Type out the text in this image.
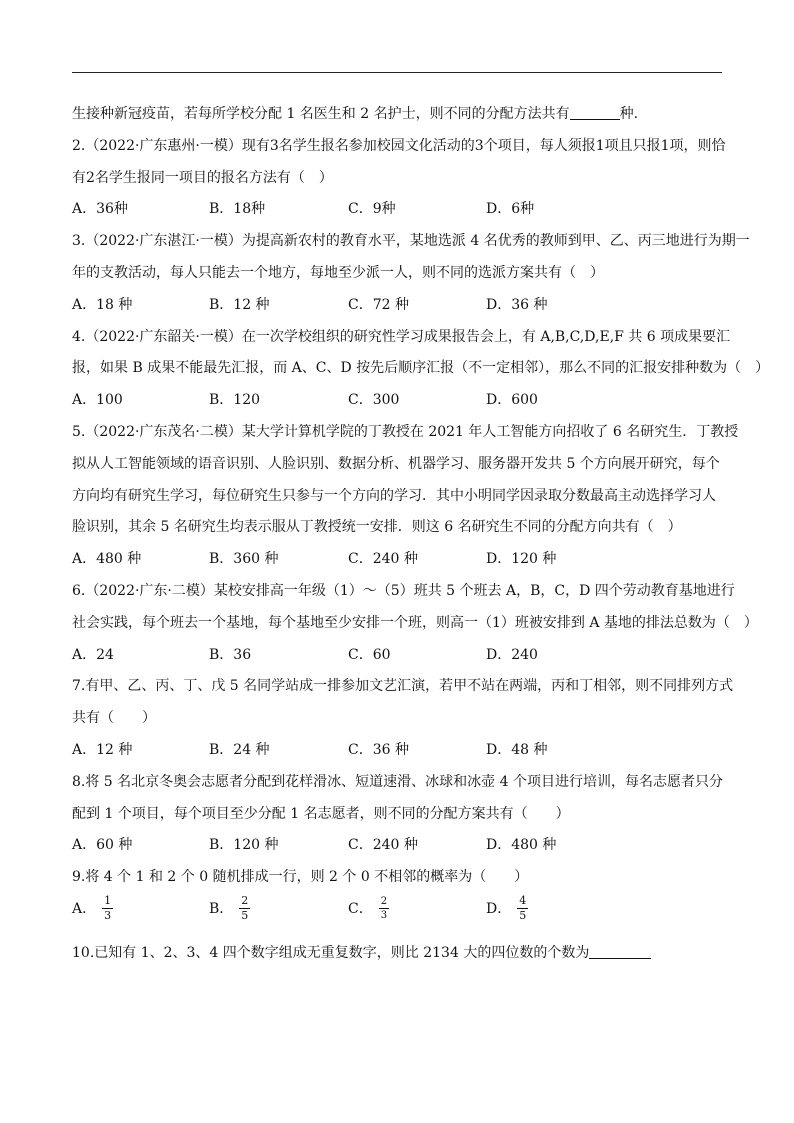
生接种新冠疫苗，若每所学校分配 1 名医生和 2 名护士，则不同的分配方法共有	种.
2.（2022·广东惠州·一模）现有3名学生报名参加校园文化活动的3个项目，每人须报1项且只报1项，则恰
有2名学生报同一项目的报名方法有（　）
A．36种	B．18种	C．9种	D．6种
3.（2022·广东湛江·一模）为提高新农村的教育水平，某地选派 4 名优秀的教师到甲、乙、丙三地进行为期一
年的支教活动，每人只能去一个地方，每地至少派一人，则不同的选派方案共有（　）
A．18 种	B．12 种	C．72 种	D．36 种
4.（2022·广东韶关·一模）在一次学校组织的研究性学习成果报告会上，有 A,B,C,D,E,F 共 6 项成果要汇
报，如果 B 成果不能最先汇报，而 A、C、D 按先后顺序汇报（不一定相邻），那么不同的汇报安排种数为（　）
A．100	B．120	C．300	D．600
5.（2022·广东茂名·二模）某大学计算机学院的丁教授在 2021 年人工智能方向招收了 6 名研究生．丁教授
拟从人工智能领域的语音识别、人脸识别、数据分析、机器学习、服务器开发共 5 个方向展开研究，每个
方向均有研究生学习，每位研究生只参与一个方向的学习．其中小明同学因录取分数最高主动选择学习人
脸识别，其余 5 名研究生均表示服从丁教授统一安排．则这 6 名研究生不同的分配方向共有（　）
A．480 种	B．360 种	C．240 种	D．120 种
6.（2022·广东·二模）某校安排高一年级（1）～（5）班共 5 个班去 A，B，C，D 四个劳动教育基地进行
社会实践，每个班去一个基地，每个基地至少安排一个班，则高一（1）班被安排到 A 基地的排法总数为（　）
A．24	B．36	C．60	D．240
7.有甲、乙、丙、丁、戊 5 名同学站成一排参加文艺汇演，若甲不站在两端，丙和丁相邻，则不同排列方式
共有（　　）
A．12 种	B．24 种	C．36 种	D．48 种
8.将 5 名北京冬奥会志愿者分配到花样滑冰、短道速滑、冰球和冰壶 4 个项目进行培训，每名志愿者只分
配到 1 个项目，每个项目至少分配 1 名志愿者，则不同的分配方案共有（　　）
A．60 种	B．120 种	C．240 种	D．480 种
9.将 4 个 1 和 2 个 0 随机排成一行，则 2 个 0 不相邻的概率为（　　）
A． $\frac{1}{3}$	B． $\frac{2}{5}$	C． $\frac{2}{3}$	D． $\frac{4}{5}$
10.已知有 1、2、3、4 四个数字组成无重复数字，则比 2134 大的四位数的个数为
